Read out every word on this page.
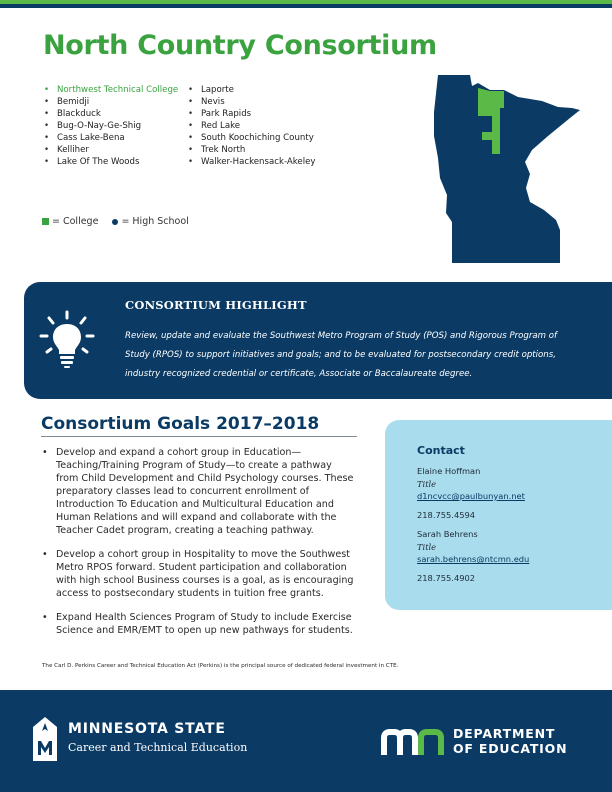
North Country Consortium
• Northwest Technical College
• Bemidji
• Blackduck
• Bug-O-Nay-Ge-Shig
• Cass Lake-Bena
• Kelliher
• Lake Of The Woods
• Laporte
• Nevis
• Park Rapids
• Red Lake
• South Koochiching County
• Trek North
• Walker-Hackensack-Akeley
= College = High School
CONSORTIUM HIGHLIGHT

Review, update and evaluate the Southwest Metro Program of Study (POS) and Rigorous Program of Study (RPOS) to support initiatives and goals; and to be evaluated for postsecondary credit options, industry recognized credential or certificate, Associate or Baccalaureate degree.

Consortium Goals 2017–2018
• Develop and expand a cohort group in Education—Teaching/Training Program of Study—to create a pathway from Child Development and Child Psychology courses. These preparatory classes lead to concurrent enrollment of Introduction To Education and Multicultural Education and Human Relations and will expand and collaborate with the Teacher Cadet program, creating a teaching pathway.
• Develop a cohort group in Hospitality to move the Southwest Metro RPOS forward. Student participation and collaboration with high school Business courses is a goal, as is encouraging access to postsecondary students in tuition free grants.
• Expand Health Sciences Program of Study to include Exercise Science and EMR/EMT to open up new pathways for students.
Contact
Elaine Hoffman
Title
d1ncvcc@paulbunyan.net
218.755.4594
Sarah Behrens
Title
sarah.behrens@ntcmn.edu
218.755.4902
The Carl D. Perkins Career and Technical Education Act (Perkins) is the principal source of dedicated federal investment in CTE.
MINNESOTA STATE
Career and Technical Education
DEPARTMENT
OF EDUCATION
